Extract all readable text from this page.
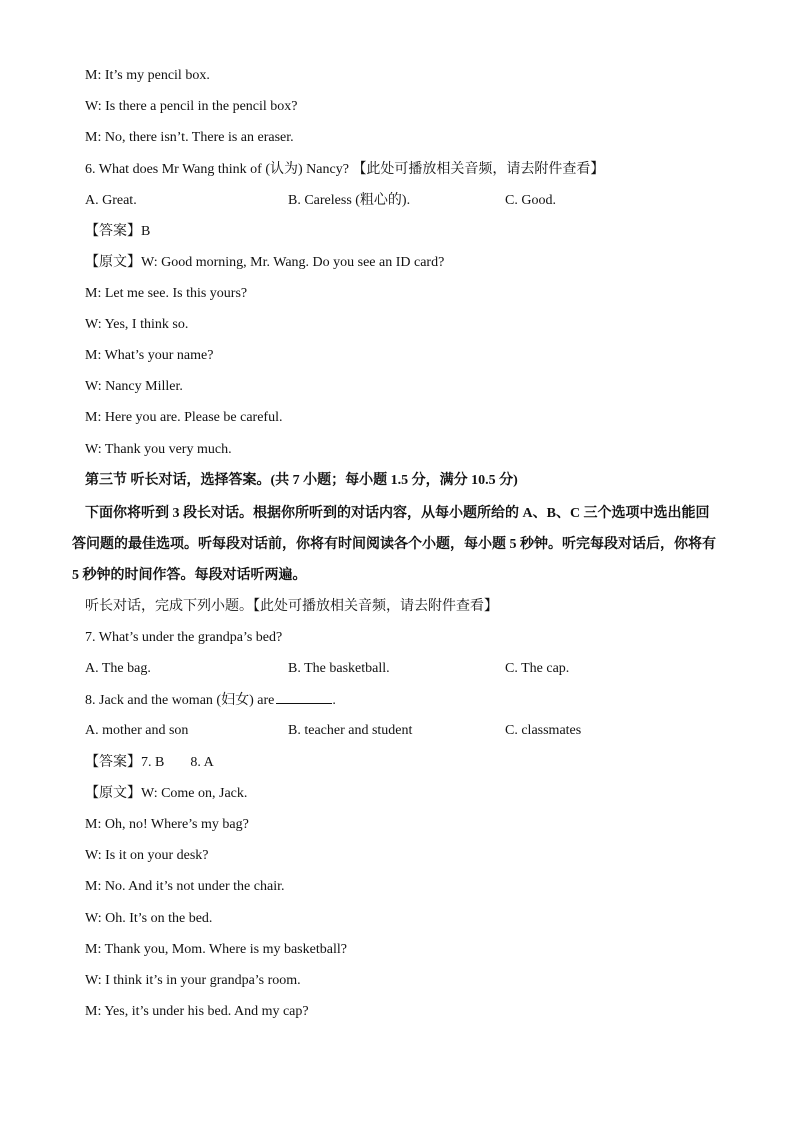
M: It’s my pencil box.
W: Is there a pencil in the pencil box?
M: No, there isn’t. There is an eraser.
6. What does Mr Wang think of (认为) Nancy? 【此处可播放相关音频，请去附件查看】
A. Great.	B. Careless (粗心的).	C. Good.
【答案】B
【原文】W: Good morning, Mr. Wang. Do you see an ID card?
M: Let me see. Is this yours?
W: Yes, I think so.
M: What’s your name?
W: Nancy Miller.
M: Here you are. Please be careful.
W: Thank you very much.
第三节 听长对话，选择答案。(共 7 小题；每小题 1.5 分，满分 10.5 分)
下面你将听到 3 段长对话。根据你所听到的对话内容，从每小题所给的 A、B、C 三个选项中选出能回
答问题的最佳选项。听每段对话前，你将有时间阅读各个小题，每小题 5 秒钟。听完每段对话后，你将有
5 秒钟的时间作答。每段对话听两遍。
听长对话，完成下列小题。【此处可播放相关音频，请去附件查看】
7. What’s under the grandpa’s bed?
A. The bag.	B. The basketball.	C. The cap.
8. Jack and the woman (妇女) are	.
A. mother and son	B. teacher and student	C. classmates
【答案】7. B 8. A
【原文】W: Come on, Jack.
M: Oh, no! Where’s my bag?
W: Is it on your desk?
M: No. And it’s not under the chair.
W: Oh. It’s on the bed.
M: Thank you, Mom. Where is my basketball?
W: I think it’s in your grandpa’s room.
M: Yes, it’s under his bed. And my cap?
